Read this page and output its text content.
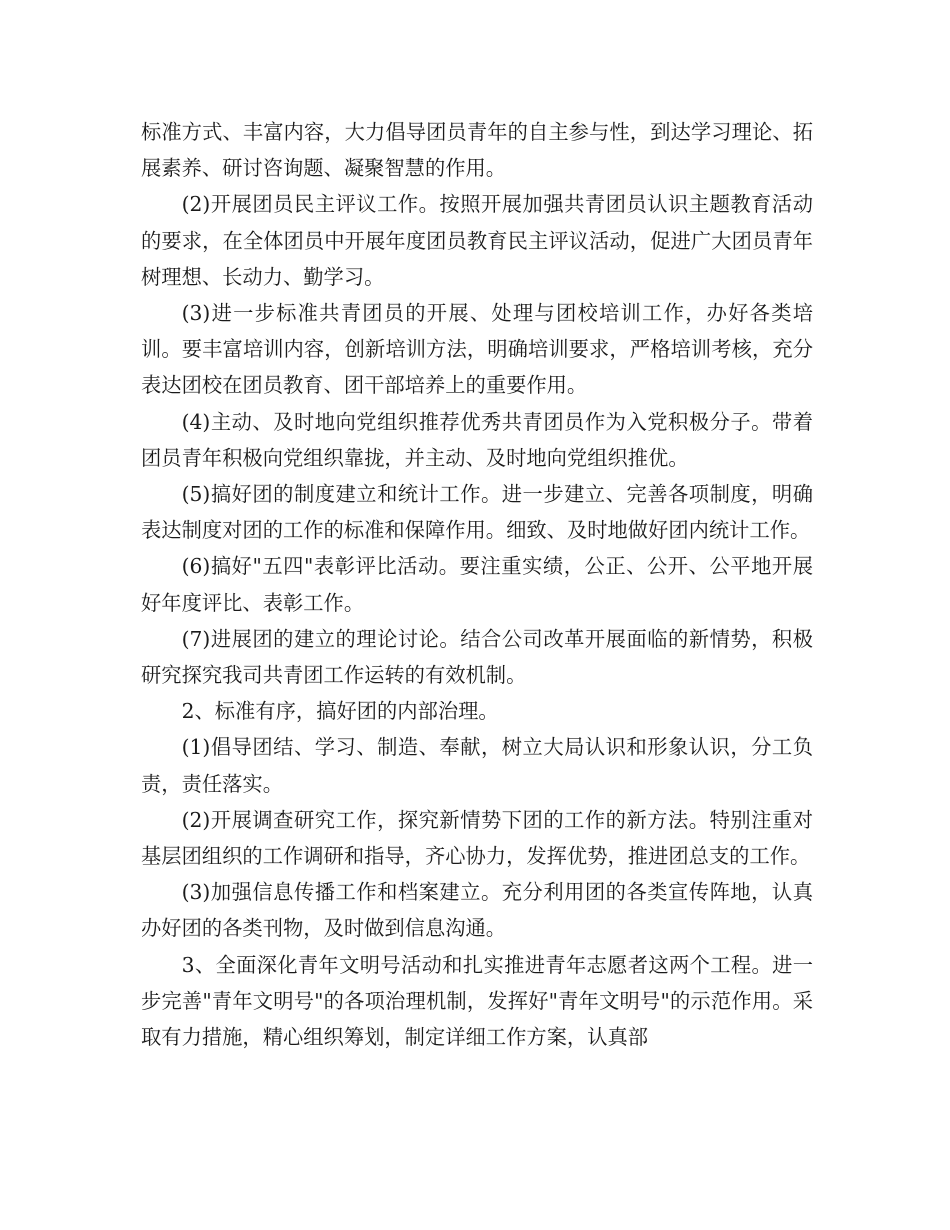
标准方式、丰富内容，大力倡导团员青年的自主参与性，到达学习理论、拓展素养、研讨咨询题、凝聚智慧的作用。

(2)开展团员民主评议工作。按照开展加强共青团员认识主题教育活动的要求，在全体团员中开展年度团员教育民主评议活动，促进广大团员青年树理想、长动力、勤学习。

(3)进一步标准共青团员的开展、处理与团校培训工作，办好各类培训。要丰富培训内容，创新培训方法，明确培训要求，严格培训考核，充分表达团校在团员教育、团干部培养上的重要作用。

(4)主动、及时地向党组织推荐优秀共青团员作为入党积极分子。带着团员青年积极向党组织靠拢，并主动、及时地向党组织推优。

(5)搞好团的制度建立和统计工作。进一步建立、完善各项制度，明确表达制度对团的工作的标准和保障作用。细致、及时地做好团内统计工作。

(6)搞好"五四"表彰评比活动。要注重实绩，公正、公开、公平地开展好年度评比、表彰工作。

(7)进展团的建立的理论讨论。结合公司改革开展面临的新情势，积极研究探究我司共青团工作运转的有效机制。

2、标准有序，搞好团的内部治理。

(1)倡导团结、学习、制造、奉献，树立大局认识和形象认识，分工负责，责任落实。

(2)开展调查研究工作，探究新情势下团的工作的新方法。特别注重对基层团组织的工作调研和指导，齐心协力，发挥优势，推进团总支的工作。

(3)加强信息传播工作和档案建立。充分利用团的各类宣传阵地，认真办好团的各类刊物，及时做到信息沟通。

3、全面深化青年文明号活动和扎实推进青年志愿者这两个工程。进一步完善"青年文明号"的各项治理机制，发挥好"青年文明号"的示范作用。采取有力措施，精心组织筹划，制定详细工作方案，认真部
